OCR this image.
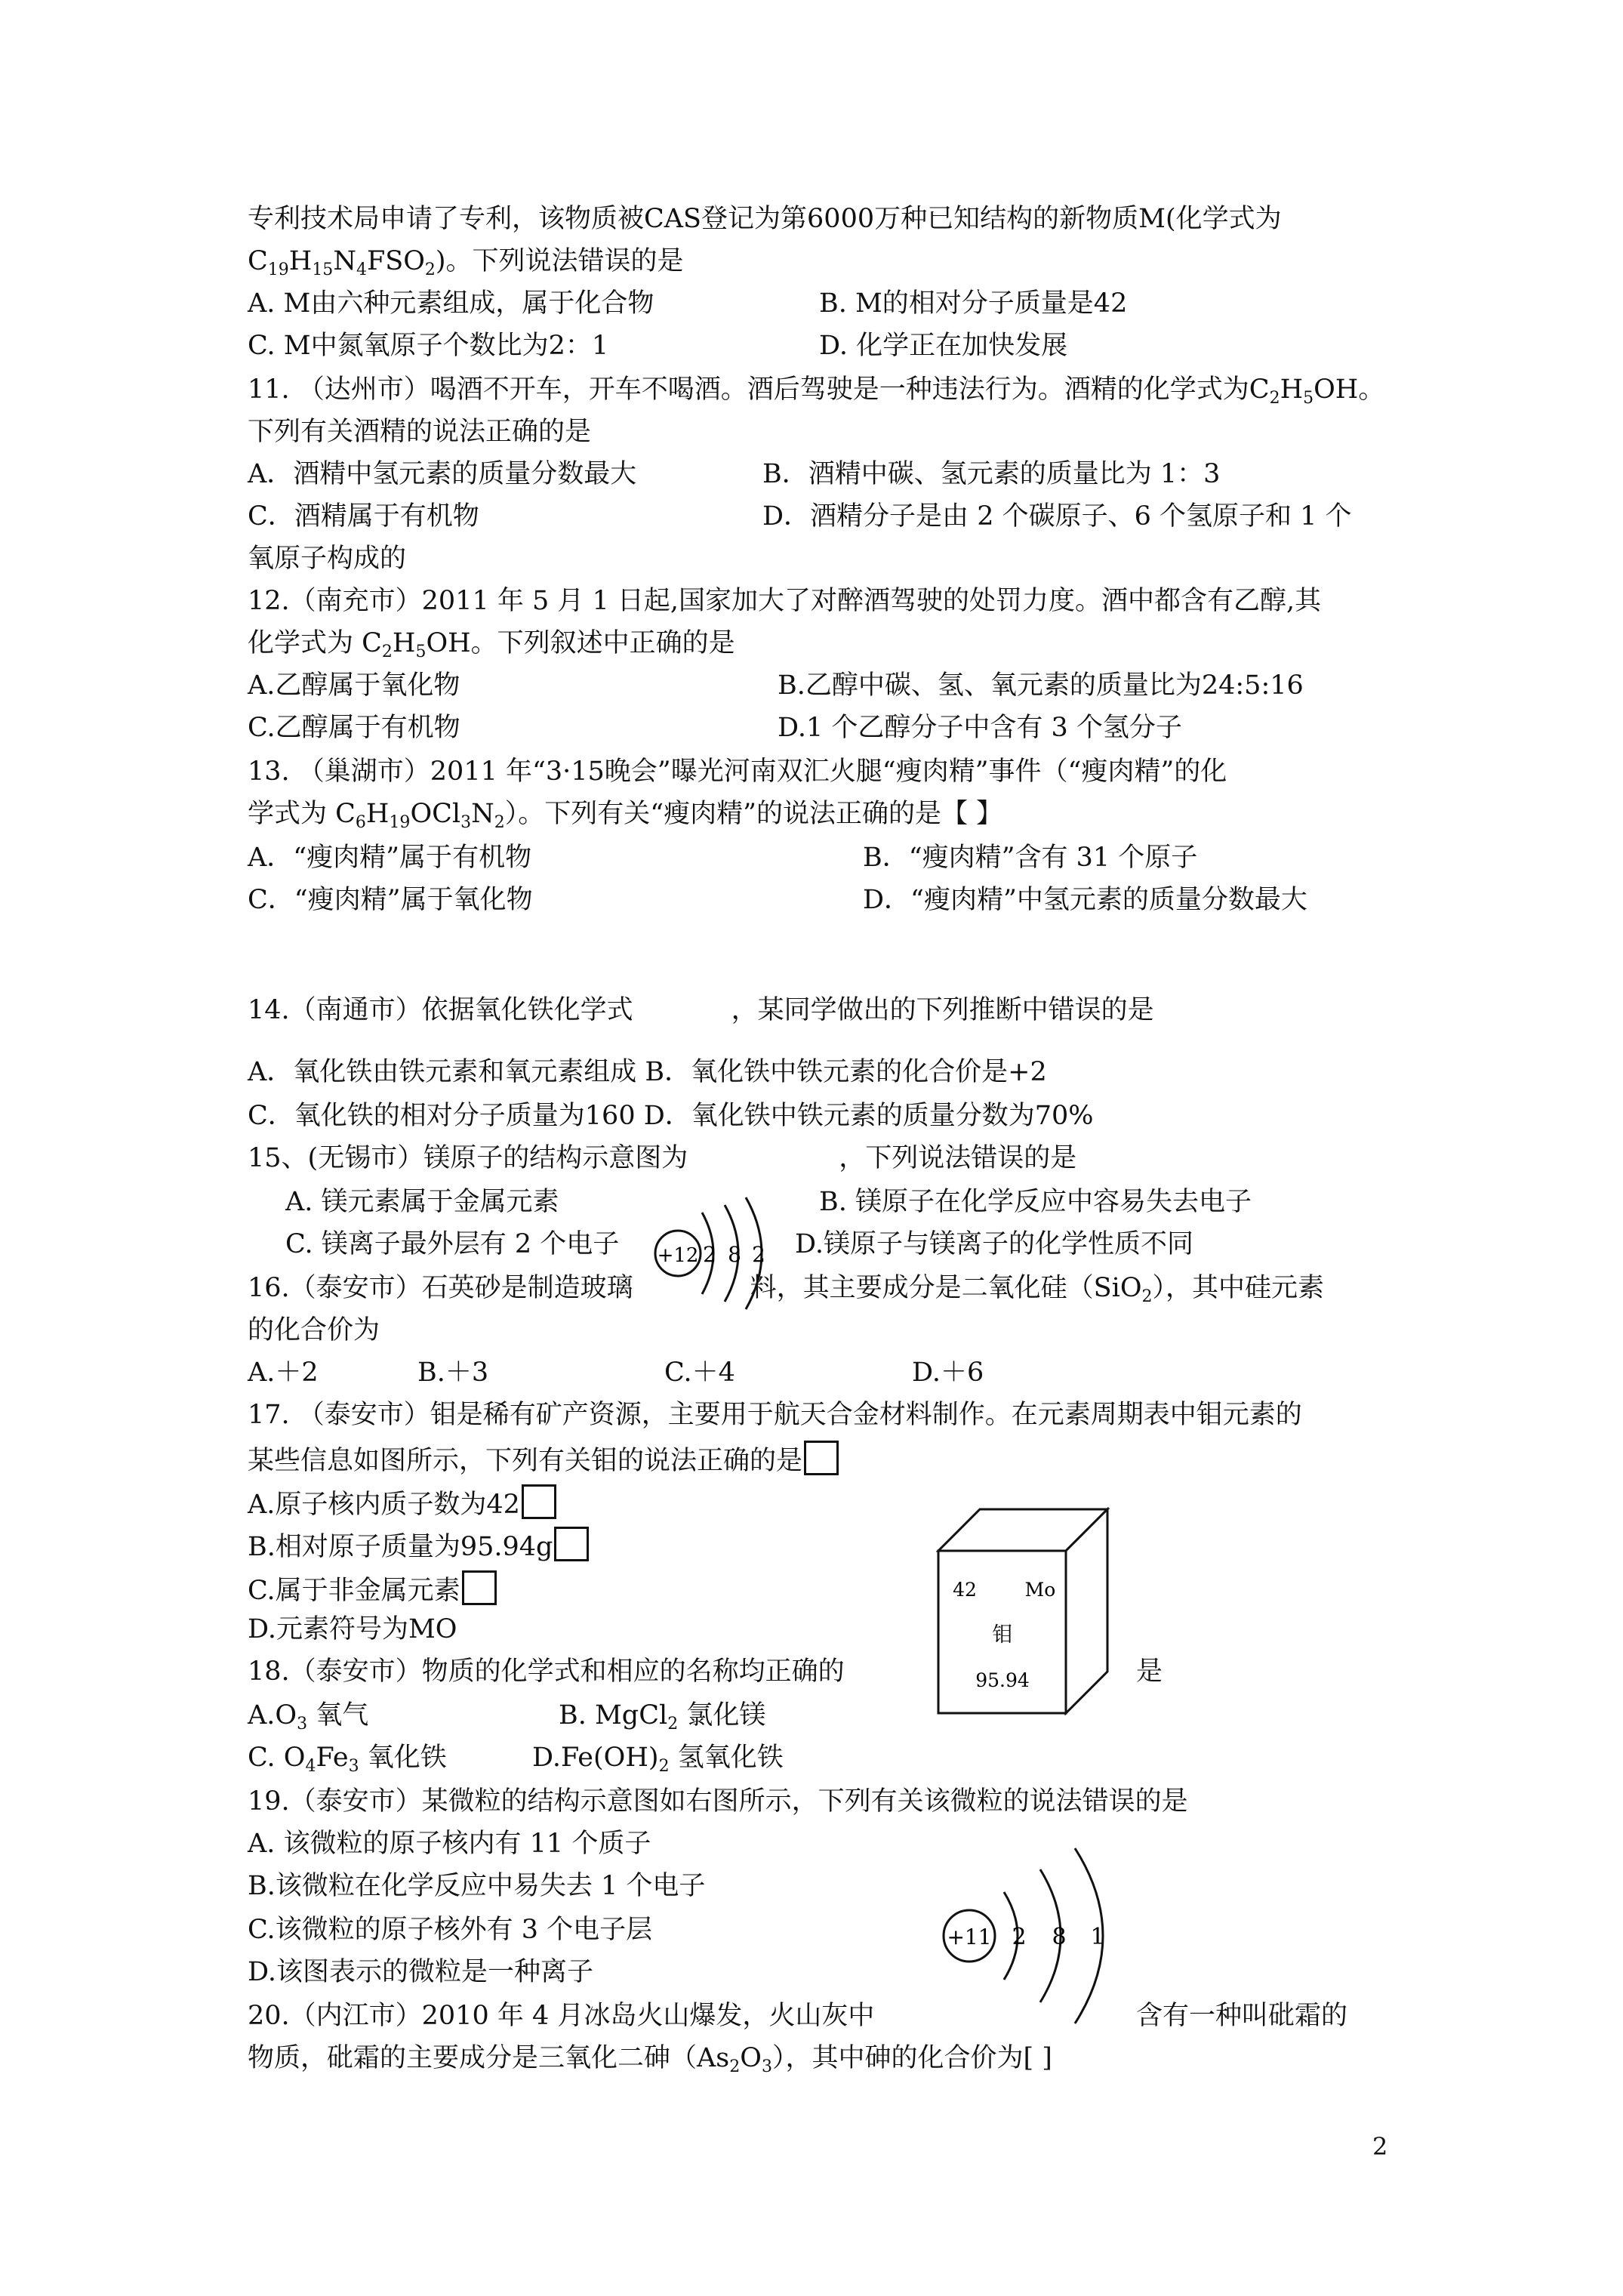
专利技术局申请了专利，该物质被CAS登记为第6000万种已知结构的新物质M(化学式为
$C_{19}H_{15}N_4FSO_2$)。下列说法错误的是
A. M由六种元素组成，属于化合物	B. M的相对分子质量是42
C. M中氮氧原子个数比为2：1	D. 化学正在加快发展
11. （达州市）喝酒不开车，开车不喝酒。酒后驾驶是一种违法行为。酒精的化学式为$C_2H_5OH$。
下列有关酒精的说法正确的是
A．酒精中氢元素的质量分数最大	B．酒精中碳、氢元素的质量比为 1：3
C．酒精属于有机物	D．酒精分子是由 2 个碳原子、6 个氢原子和 1 个
氧原子构成的
12.（南充市）2011 年 5 月 1 日起,国家加大了对醉酒驾驶的处罚力度。酒中都含有乙醇,其
化学式为 $C_2H_5OH$。下列叙述中正确的是
A.乙醇属于氧化物	B.乙醇中碳、氢、氧元素的质量比为24:5:16
C.乙醇属于有机物	D.1 个乙醇分子中含有 3 个氢分子
13. （巢湖市）2011 年“3·15晚会”曝光河南双汇火腿“瘦肉精”事件（“瘦肉精”的化
学式为 $C_6H_{19}OCl_3N_2$）。下列有关“瘦肉精”的说法正确的是【 】
A．“瘦肉精”属于有机物	B．“瘦肉精”含有 31 个原子
C．“瘦肉精”属于氧化物	D．“瘦肉精”中氢元素的质量分数最大
14.（南通市）依据氧化铁化学式	，某同学做出的下列推断中错误的是
A．氧化铁由铁元素和氧元素组成 B．氧化铁中铁元素的化合价是+2
C．氧化铁的相对分子质量为160 D．氧化铁中铁元素的质量分数为70%
15、(无锡市）镁原子的结构示意图为	，下列说法错误的是
A. 镁元素属于金属元素	B. 镁原子在化学反应中容易失去电子
C. 镁离子最外层有 2 个电子	D.镁原子与镁离子的化学性质不同
+12 2 8 2
16.（泰安市）石英砂是制造玻璃	料，其主要成分是二氧化硅（SiO$_2$），其中硅元素
的化合价为
A.＋2	B.＋3	C.＋4	D.＋6
17. （泰安市）钼是稀有矿产资源，主要用于航天合金材料制作。在元素周期表中钼元素的
某些信息如图所示，下列有关钼的说法正确的是
A.原子核内质子数为42
B.相对原子质量为95.94g
C.属于非金属元素
D.元素符号为MO
42	Mo
钼
95.94
18.（泰安市）物质的化学式和相应的名称均正确的	是
$A.O_3$ 氧气	B. MgCl$_2$ 氯化镁
C. $O_4Fe_3$ 氧化铁	$D.Fe(OH)_2$ 氢氧化铁
19.（泰安市）某微粒的结构示意图如右图所示，下列有关该微粒的说法错误的是
A. 该微粒的原子核内有 11 个质子
B.该微粒在化学反应中易失去 1 个电子
C.该微粒的原子核外有 3 个电子层
D.该图表示的微粒是一种离子
+11 2 8 1
20.（内江市）2010 年 4 月冰岛火山爆发，火山灰中	含有一种叫砒霜的
物质，砒霜的主要成分是三氧化二砷$(As_2O_3)$，其中砷的化合价为[ ]
2
